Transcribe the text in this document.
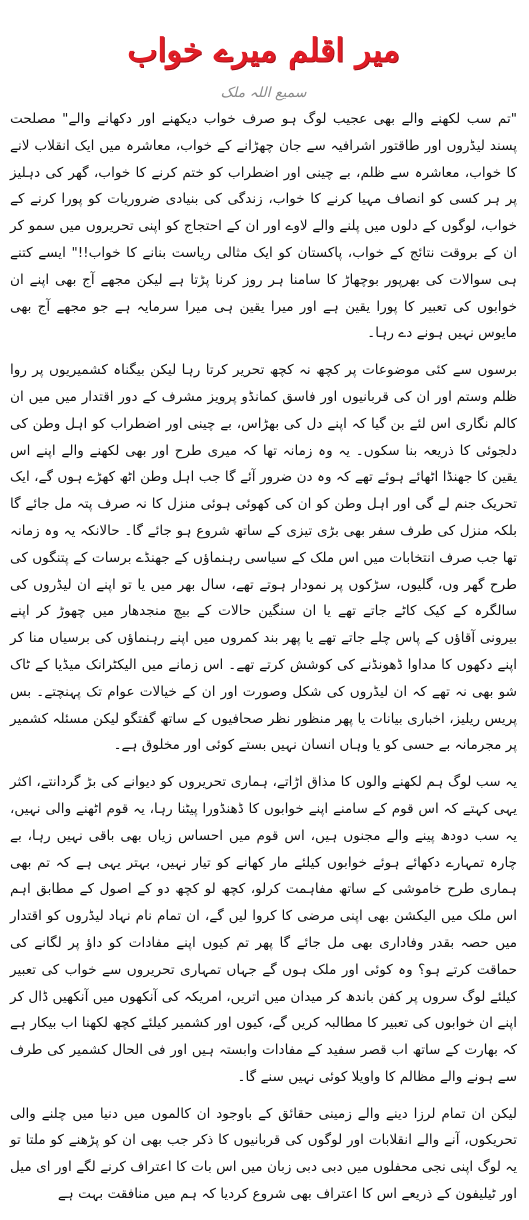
میر اقلم میرے خواب
سمیع اللہ ملک

"تم سب لکھنے والے بھی عجیب لوگ ہو صرف خواب دیکھنے اور دکھانے والے" مصلحت پسند لیڈروں اور طاقتور اشرافیہ سے جان چھڑانے کے خواب، معاشرہ میں ایک انقلاب لانے کا خواب، معاشرہ سے ظلم، بے چینی اور اضطراب کو ختم کرنے کا خواب، گھر کی دہلیز پر ہر کسی کو انصاف مہیا کرنے کا خواب، زندگی کی بنیادی ضروریات کو پورا کرنے کے خواب، لوگوں کے دلوں میں پلنے والے لاوے اور ان کے احتجاج کو اپنی تحریروں میں سمو کر ان کے بروقت نتائج کے خواب، پاکستان کو ایک مثالی ریاست بنانے کا خواب!!" ایسے کتنے ہی سوالات کی بھرپور بوچھاڑ کا سامنا ہر روز کرنا پڑتا ہے لیکن مجھے آج بھی اپنے ان خوابوں کی تعبیر کا پورا یقین ہے اور میرا یقین ہی میرا سرمایہ ہے جو مجھے آج بھی مایوس نہیں ہونے دے رہا۔

برسوں سے کئی موضوعات پر کچھ نہ کچھ تحریر کرتا رہا لیکن بیگناہ کشمیریوں پر روا ظلم وستم اور ان کی قربانیوں اور فاسق کمانڈو پرویز مشرف کے دور اقتدار میں میں ان کالم نگاری اس لئے بن گیا کہ اپنے دل کی بھڑاس، بے چینی اور اضطراب کو اہل وطن کی دلجوئی کا ذریعہ بنا سکوں۔ یہ وہ زمانہ تھا کہ میری طرح اور بھی لکھنے والے اپنے اس یقین کا جھنڈا اٹھائے ہوئے تھے کہ وہ دن ضرور آئے گا جب اہل وطن اٹھ کھڑے ہوں گے، ایک تحریک جنم لے گی اور اہل وطن کو ان کی کھوئی ہوئی منزل کا نہ صرف پتہ مل جائے گا بلکہ منزل کی طرف سفر بھی بڑی تیزی کے ساتھ شروع ہو جائے گا۔ حالانکہ یہ وہ زمانہ تھا جب صرف انتخابات میں اس ملک کے سیاسی رہنماؤں کے جھنڈے برسات کے پتنگوں کی طرح گھر وں، گلیوں، سڑکوں پر نمودار ہوتے تھے، سال بھر میں یا تو اپنے ان لیڈروں کی سالگرہ کے کیک کاٹے جاتے تھے یا ان سنگین حالات کے بیچ منجدھار میں چھوڑ کر اپنے بیرونی آقاؤں کے پاس چلے جاتے تھے یا پھر بند کمروں میں اپنے رہنماؤں کی برسیاں منا کر اپنے دکھوں کا مداوا ڈھونڈنے کی کوشش کرتے تھے۔ اس زمانے میں الیکٹرانک میڈیا کے ٹاک شو بھی نہ تھے کہ ان لیڈروں کی شکل وصورت اور ان کے خیالات عوام تک پہنچتے۔ بس پریس ریلیز، اخباری بیانات یا پھر منظور نظر صحافیوں کے ساتھ گفتگو لیکن مسئلہ کشمیر پر مجرمانہ بے حسی کو یا وہاں انسان نہیں بستے کوئی اور مخلوق ہے۔

یہ سب لوگ ہم لکھنے والوں کا مذاق اڑاتے، ہماری تحریروں کو دیوانے کی بڑ گردانتے، اکثر یہی کہتے کہ اس قوم کے سامنے اپنے خوابوں کا ڈھنڈورا پیٹنا رہا، یہ قوم اٹھنے والی نہیں، یہ سب دودھ پینے والے مجنوں ہیں، اس قوم میں احساس زیاں بھی باقی نہیں رہا، بے چارہ تمہارے دکھائے ہوئے خوابوں کیلئے مار کھانے کو تیار نہیں، بہتر یہی ہے کہ تم بھی ہماری طرح خاموشی کے ساتھ مفاہمت کرلو، کچھ لو کچھ دو کے اصول کے مطابق اہم اس ملک میں الیکشن بھی اپنی مرضی کا کروا لیں گے، ان تمام نام نہاد لیڈروں کو اقتدار میں حصہ بقدر وفاداری بھی مل جائے گا پھر تم کیوں اپنے مفادات کو داؤ پر لگانے کی حماقت کرتے ہو؟ وہ کوئی اور ملک ہوں گے جہاں تمہاری تحریروں سے خواب کی تعبیر کیلئے لوگ سروں پر کفن باندھ کر میدان میں اتریں، امریکہ کی آنکھوں میں آنکھیں ڈال کر اپنے ان خوابوں کی تعبیر کا مطالبہ کریں گے، کیوں اور کشمیر کیلئے کچھ لکھنا اب بیکار ہے کہ بھارت کے ساتھ اب قصر سفید کے مفادات وابستہ ہیں اور فی الحال کشمیر کی طرف سے ہونے والے مظالم کا واویلا کوئی نہیں سنے گا۔

لیکن ان تمام لرزا دینے والے زمینی حقائق کے باوجود ان کالموں میں دنیا میں چلنے والی تحریکوں، آنے والے انقلابات اور لوگوں کی قربانیوں کا ذکر جب بھی ان کو پڑھنے کو ملتا تو یہ لوگ اپنی نجی محفلوں میں دبی دبی زبان میں اس بات کا اعتراف کرنے لگے اور ای میل اور ٹیلیفون کے ذریعے اس کا اعتراف بھی شروع کردیا کہ ہم میں منافقت بہت ہے
